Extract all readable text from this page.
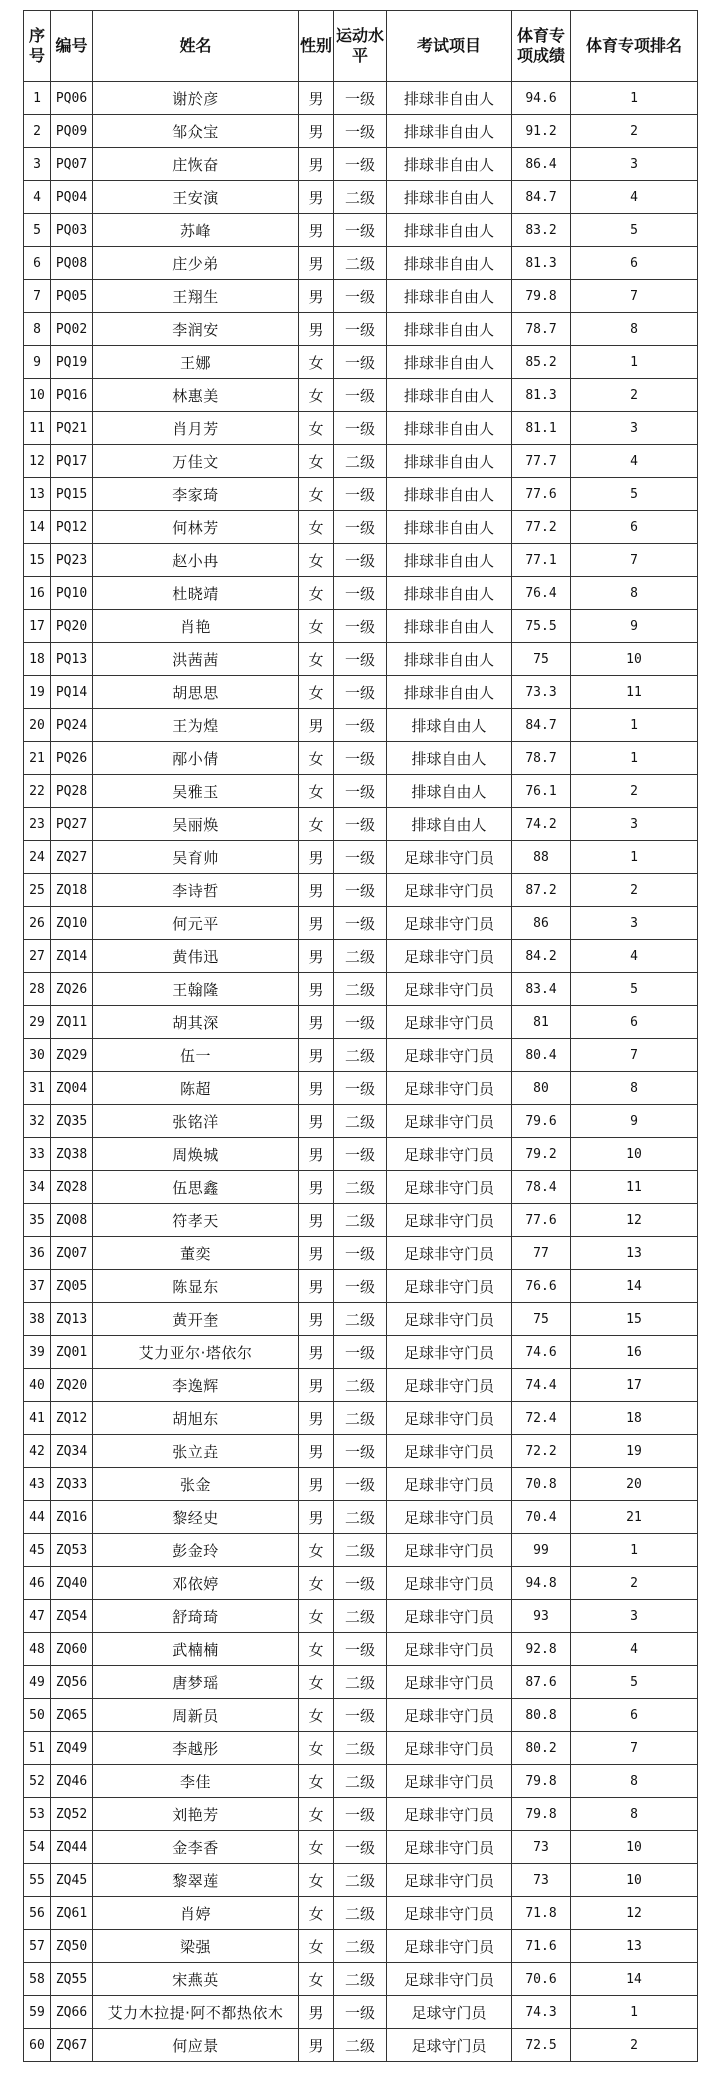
序号	编号	姓名	性别	运动水平	考试项目	体育专项成绩	体育专项排名
1	PQ06	谢於彦	男	一级	排球非自由人	94.6	1
2	PQ09	邹众宝	男	一级	排球非自由人	91.2	2
3	PQ07	庄恢奋	男	一级	排球非自由人	86.4	3
4	PQ04	王安演	男	二级	排球非自由人	84.7	4
5	PQ03	苏峰	男	一级	排球非自由人	83.2	5
6	PQ08	庄少弟	男	二级	排球非自由人	81.3	6
7	PQ05	王翔生	男	一级	排球非自由人	79.8	7
8	PQ02	李润安	男	一级	排球非自由人	78.7	8
9	PQ19	王娜	女	一级	排球非自由人	85.2	1
10	PQ16	林惠美	女	一级	排球非自由人	81.3	2
11	PQ21	肖月芳	女	一级	排球非自由人	81.1	3
12	PQ17	万佳文	女	二级	排球非自由人	77.7	4
13	PQ15	李家琦	女	一级	排球非自由人	77.6	5
14	PQ12	何林芳	女	一级	排球非自由人	77.2	6
15	PQ23	赵小冉	女	一级	排球非自由人	77.1	7
16	PQ10	杜晓靖	女	一级	排球非自由人	76.4	8
17	PQ20	肖艳	女	一级	排球非自由人	75.5	9
18	PQ13	洪茜茜	女	一级	排球非自由人	75	10
19	PQ14	胡思思	女	一级	排球非自由人	73.3	11
20	PQ24	王为煌	男	一级	排球自由人	84.7	1
21	PQ26	邴小倩	女	一级	排球自由人	78.7	1
22	PQ28	吴雅玉	女	一级	排球自由人	76.1	2
23	PQ27	吴丽焕	女	一级	排球自由人	74.2	3
24	ZQ27	吴育帅	男	一级	足球非守门员	88	1
25	ZQ18	李诗哲	男	一级	足球非守门员	87.2	2
26	ZQ10	何元平	男	一级	足球非守门员	86	3
27	ZQ14	黄伟迅	男	二级	足球非守门员	84.2	4
28	ZQ26	王翰隆	男	二级	足球非守门员	83.4	5
29	ZQ11	胡其深	男	一级	足球非守门员	81	6
30	ZQ29	伍一	男	二级	足球非守门员	80.4	7
31	ZQ04	陈超	男	一级	足球非守门员	80	8
32	ZQ35	张铭洋	男	二级	足球非守门员	79.6	9
33	ZQ38	周焕城	男	一级	足球非守门员	79.2	10
34	ZQ28	伍思鑫	男	二级	足球非守门员	78.4	11
35	ZQ08	符孝天	男	二级	足球非守门员	77.6	12
36	ZQ07	董奕	男	一级	足球非守门员	77	13
37	ZQ05	陈显东	男	一级	足球非守门员	76.6	14
38	ZQ13	黄开奎	男	二级	足球非守门员	75	15
39	ZQ01	艾力亚尔·塔依尔	男	一级	足球非守门员	74.6	16
40	ZQ20	李逸辉	男	二级	足球非守门员	74.4	17
41	ZQ12	胡旭东	男	二级	足球非守门员	72.4	18
42	ZQ34	张立垚	男	一级	足球非守门员	72.2	19
43	ZQ33	张金	男	一级	足球非守门员	70.8	20
44	ZQ16	黎经史	男	二级	足球非守门员	70.4	21
45	ZQ53	彭金玲	女	二级	足球非守门员	99	1
46	ZQ40	邓依婷	女	一级	足球非守门员	94.8	2
47	ZQ54	舒琦琦	女	二级	足球非守门员	93	3
48	ZQ60	武楠楠	女	一级	足球非守门员	92.8	4
49	ZQ56	唐梦瑶	女	二级	足球非守门员	87.6	5
50	ZQ65	周新员	女	一级	足球非守门员	80.8	6
51	ZQ49	李越彤	女	二级	足球非守门员	80.2	7
52	ZQ46	李佳	女	二级	足球非守门员	79.8	8
53	ZQ52	刘艳芳	女	一级	足球非守门员	79.8	8
54	ZQ44	金李香	女	一级	足球非守门员	73	10
55	ZQ45	黎翠莲	女	二级	足球非守门员	73	10
56	ZQ61	肖婷	女	二级	足球非守门员	71.8	12
57	ZQ50	梁强	女	二级	足球非守门员	71.6	13
58	ZQ55	宋燕英	女	二级	足球非守门员	70.6	14
59	ZQ66	艾力木拉提·阿不都热依木	男	一级	足球守门员	74.3	1
60	ZQ67	何应景	男	二级	足球守门员	72.5	2
